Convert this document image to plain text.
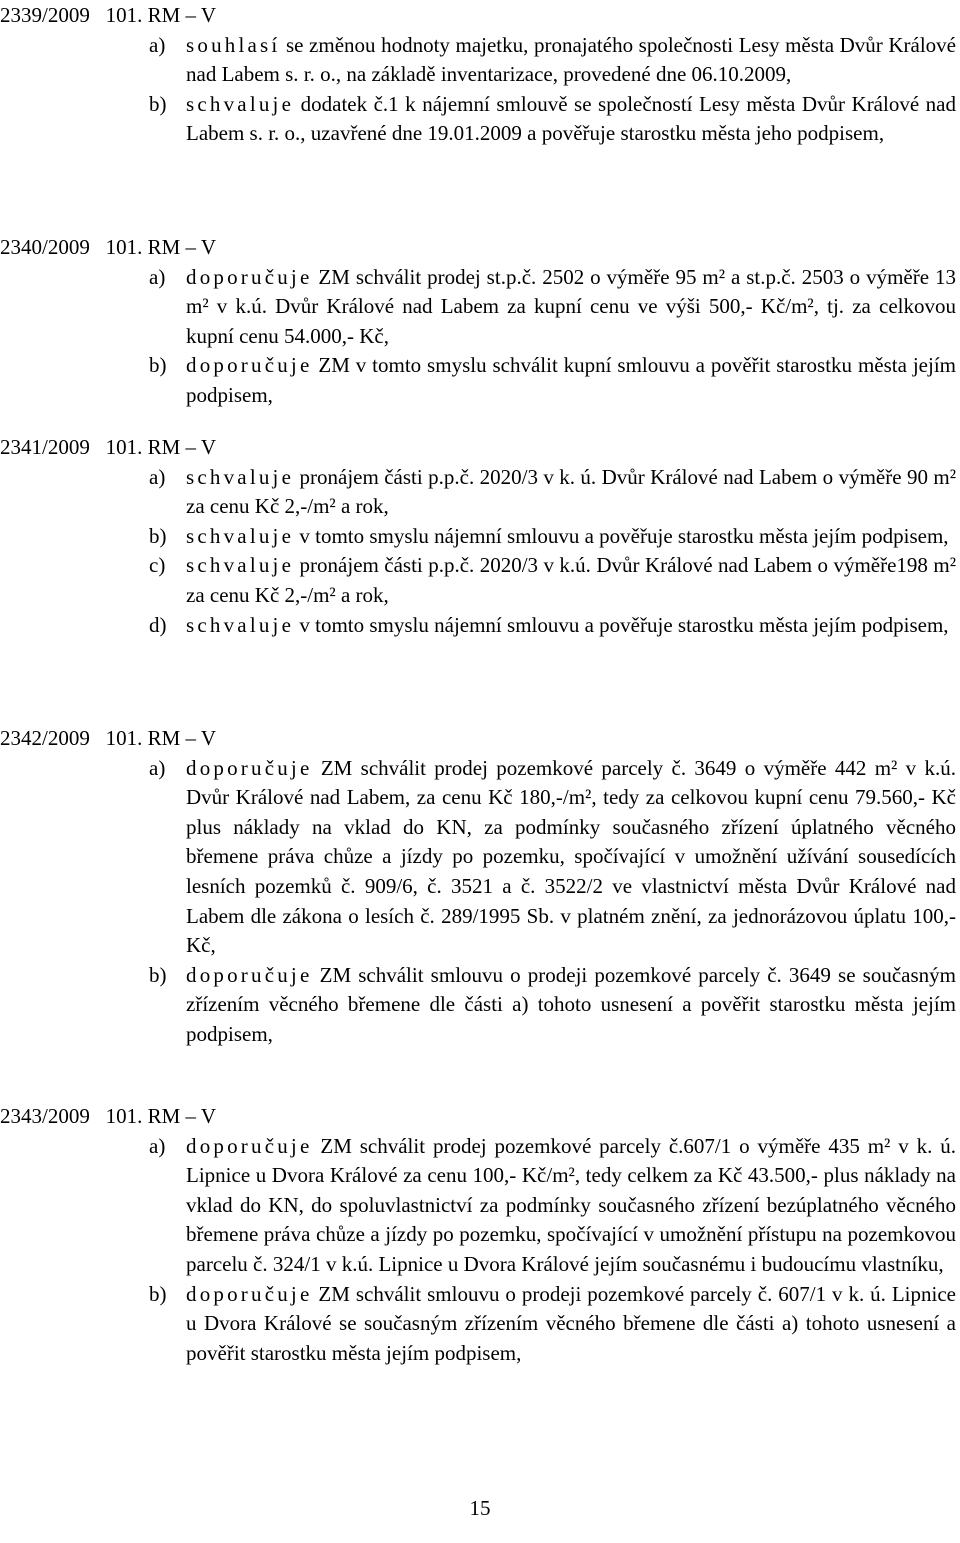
2339/2009 101. RM – V
a) souhlasí se změnou hodnoty majetku, pronajatého společnosti Lesy města Dvůr Králové nad Labem s. r. o., na základě inventarizace, provedené dne 06.10.2009,
b) schvaluje dodatek č.1 k nájemní smlouvě se společností Lesy města Dvůr Králové nad Labem s. r. o., uzavřené dne 19.01.2009 a pověřuje starostku města jeho podpisem,
2340/2009 101. RM – V
a) doporučuje ZM schválit prodej st.p.č. 2502 o výměře 95 m² a st.p.č. 2503 o výměře 13 m² v k.ú. Dvůr Králové nad Labem za kupní cenu ve výši 500,- Kč/m², tj. za celkovou kupní cenu 54.000,- Kč,
b) doporučuje ZM v tomto smyslu schválit kupní smlouvu a pověřit starostku města jejím podpisem,
2341/2009 101. RM – V
a) schvaluje pronájem části p.p.č. 2020/3 v k. ú. Dvůr Králové nad Labem o výměře 90 m² za cenu Kč 2,-/m² a rok,
b) schvaluje v tomto smyslu nájemní smlouvu a pověřuje starostku města jejím podpisem,
c) schvaluje pronájem části p.p.č. 2020/3 v k.ú. Dvůr Králové nad Labem o výměře198 m² za cenu Kč 2,-/m² a rok,
d) schvaluje v tomto smyslu nájemní smlouvu a pověřuje starostku města jejím podpisem,
2342/2009 101. RM – V
a) doporučuje ZM schválit prodej pozemkové parcely č. 3649 o výměře 442 m² v k.ú. Dvůr Králové nad Labem, za cenu Kč 180,-/m², tedy za celkovou kupní cenu 79.560,- Kč plus náklady na vklad do KN, za podmínky současného zřízení úplatného věcného břemene práva chůze a jízdy po pozemku, spočívající v umožnění užívání sousedících lesních pozemků č. 909/6, č. 3521 a č. 3522/2 ve vlastnictví města Dvůr Králové nad Labem dle zákona o lesích č. 289/1995 Sb. v platném znění, za jednorázovou úplatu 100,- Kč,
b) doporučuje ZM schválit smlouvu o prodeji pozemkové parcely č. 3649 se současným zřízením věcného břemene dle části a) tohoto usnesení a pověřit starostku města jejím podpisem,
2343/2009 101. RM – V
a) doporučuje ZM schválit prodej pozemkové parcely č.607/1 o výměře 435 m² v k. ú. Lipnice u Dvora Králové za cenu 100,- Kč/m², tedy celkem za Kč 43.500,- plus náklady na vklad do KN, do spoluvlastnictví za podmínky současného zřízení bezúplatného věcného břemene práva chůze a jízdy po pozemku, spočívající v umožnění přístupu na pozemkovou parcelu č. 324/1 v k.ú. Lipnice u Dvora Králové jejím současnému i budoucímu vlastníku,
b) doporučuje ZM schválit smlouvu o prodeji pozemkové parcely č. 607/1 v k. ú. Lipnice u Dvora Králové se současným zřízením věcného břemene dle části a) tohoto usnesení a pověřit starostku města jejím podpisem,
15
